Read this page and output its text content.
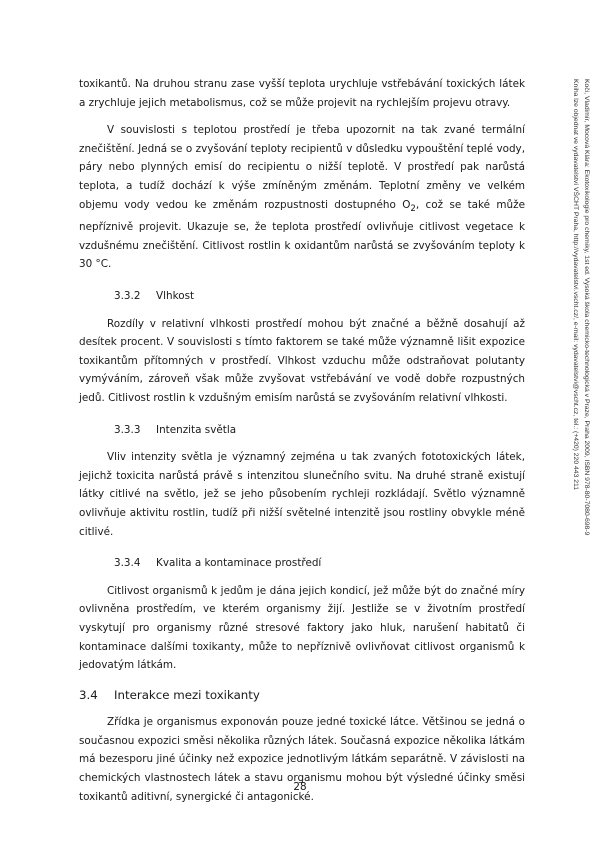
Koči, Vladimír, Mocová Klára: Ekotoxikologie pro chemiky, 1st ed. Vysoká škola chemicko-technologická v Praze, Praha 2009, ISBN 978-80-7080-698-9
Kniha lze objednat ve vydavatelství VŠCHT Praha, http://vydavatelstvi.vscht.cz/, e-mail: vydavatelstvi@vscht.cz, tel.: (+420) 220 443 211

toxikantů. Na druhou stranu zase vyšší teplota urychluje vstřebávání toxických látek a zrychluje jejich metabolismus, což se může projevit na rychlejším projevu otravy.

V souvislosti s teplotou prostředí je třeba upozornit na tak zvané termální znečištění. Jedná se o zvyšování teploty recipientů v důsledku vypouštění teplé vody, páry nebo plynných emisí do recipientu o nižší teplotě. V prostředí pak narůstá teplota, a tudíž dochází k výše zmíněným změnám. Teplotní změny ve velkém objemu vody vedou ke změnám rozpustnosti dostupného $O_2$, což se také může nepříznivě projevit. Ukazuje se, že teplota prostředí ovlivňuje citlivost vegetace k vzdušnému znečištění. Citlivost rostlin k oxidantům narůstá se zvyšováním teploty k 30 °C.

3.3.2 Vlhkost

Rozdíly v relativní vlhkosti prostředí mohou být značné a běžně dosahují až desítek procent. V souvislosti s tímto faktorem se také může významně lišit expozice toxikantům přítomných v prostředí. Vlhkost vzduchu může odstraňovat polutanty vymýváním, zároveň však může zvyšovat vstřebávání ve vodě dobře rozpustných jedů. Citlivost rostlin k vzdušným emisím narůstá se zvyšováním relativní vlhkosti.

3.3.3 Intenzita světla

Vliv intenzity světla je významný zejména u tak zvaných fototoxických látek, jejichž toxicita narůstá právě s intenzitou slunečního svitu. Na druhé straně existují látky citlivé na světlo, jež se jeho působením rychleji rozkládají. Světlo významně ovlivňuje aktivitu rostlin, tudíž při nižší světelné intenzitě jsou rostliny obvykle méně citlivé.

3.3.4 Kvalita a kontaminace prostředí

Citlivost organismů k jedům je dána jejich kondicí, jež může být do značné míry ovlivněna prostředím, ve kterém organismy žijí. Jestliže se v životním prostředí vyskytují pro organismy různé stresové faktory jako hluk, narušení habitatů či kontaminace dalšími toxikanty, může to nepříznivě ovlivňovat citlivost organismů k jedovatým látkám.

3.4 Interakce mezi toxikanty

Zřídka je organismus exponován pouze jedné toxické látce. Většinou se jedná o současnou expozici směsi několika různých látek. Současná expozice několika látkám má bezesporu jiné účinky než expozice jednotlivým látkám separátně. V závislosti na chemických vlastnostech látek a stavu organismu mohou být výsledné účinky směsi toxikantů aditivní, synergické či antagonické.

28
